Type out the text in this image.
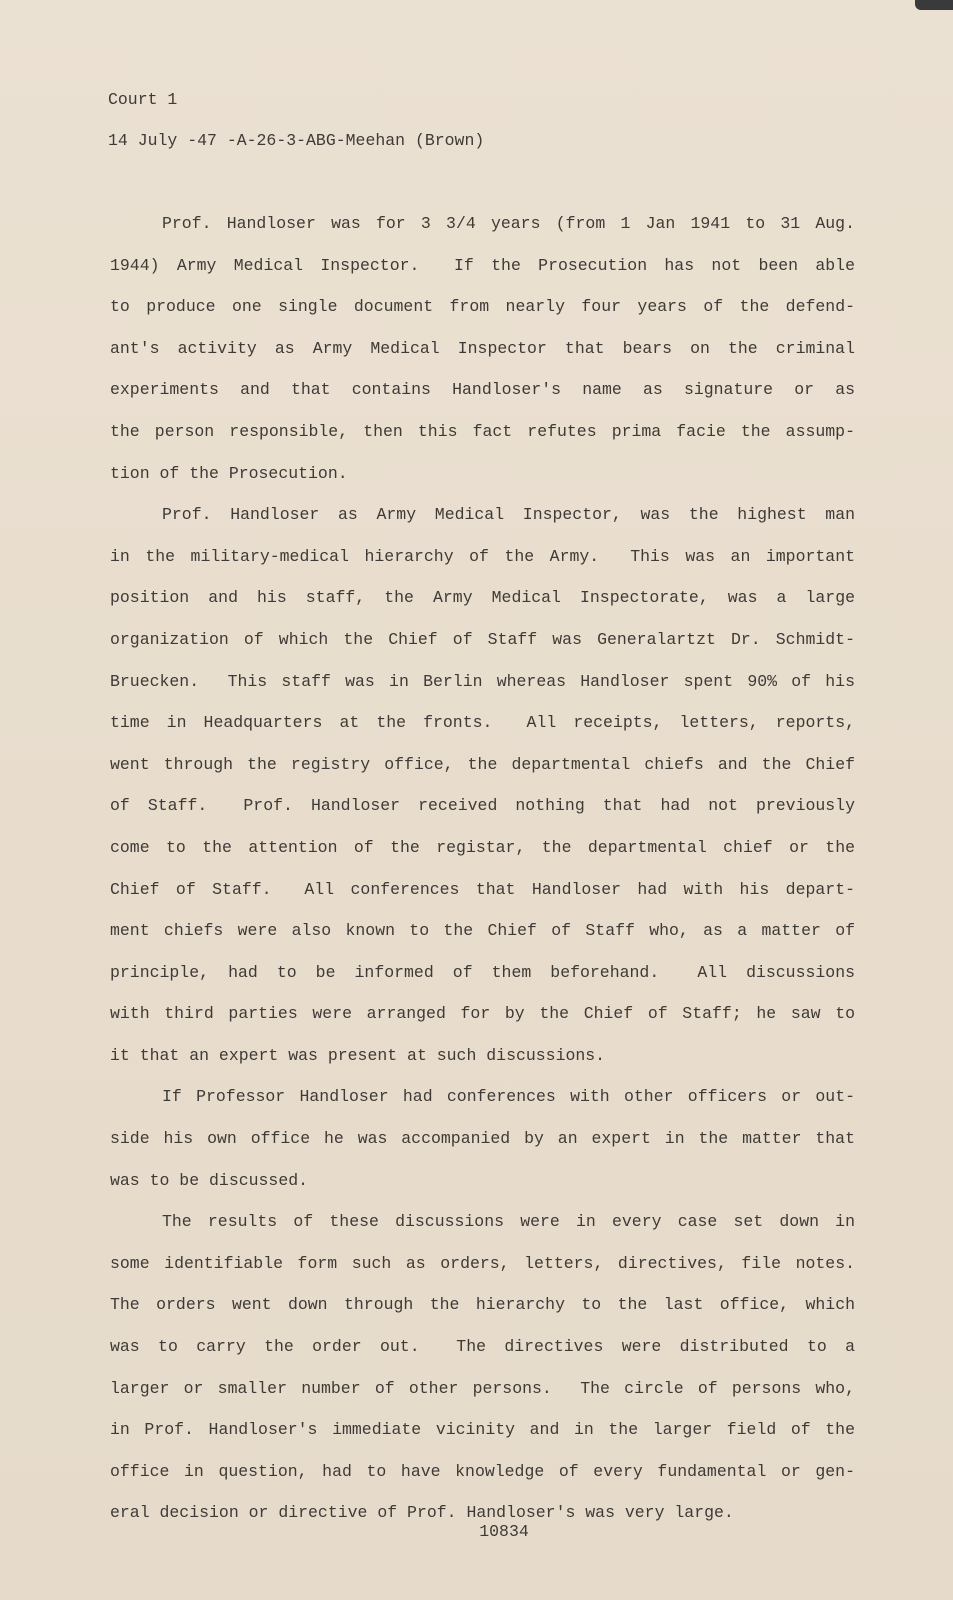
Court 1
14 July -47 -A-26-3-ABG-Meehan (Brown)
Prof. Handloser was for 3 3/4 years (from 1 Jan 1941 to 31 Aug.
1944) Army Medical Inspector.  If the Prosecution has not been able
to produce one single document from nearly four years of the defend-
ant's activity as Army Medical Inspector that bears on the criminal
experiments and that contains Handloser's name as signature or as
the person responsible, then this fact refutes prima facie the assump-
tion of the Prosecution.
Prof. Handloser as Army Medical Inspector, was the highest man
in the military-medical hierarchy of the Army.  This was an important
position and his staff, the Army Medical Inspectorate, was a large
organization of which the Chief of Staff was Generalartzt Dr. Schmidt-
Bruecken.  This staff was in Berlin whereas Handloser spent 90% of his
time in Headquarters at the fronts.  All receipts, letters, reports,
went through the registry office, the departmental chiefs and the Chief
of Staff.  Prof. Handloser received nothing that had not previously
come to the attention of the registar, the departmental chief or the
Chief of Staff.  All conferences that Handloser had with his depart-
ment chiefs were also known to the Chief of Staff who, as a matter of
principle, had to be informed of them beforehand.  All discussions
with third parties were arranged for by the Chief of Staff; he saw to
it that an expert was present at such discussions.
If Professor Handloser had conferences with other officers or out-
side his own office he was accompanied by an expert in the matter that
was to be discussed.
The results of these discussions were in every case set down in
some identifiable form such as orders, letters, directives, file notes.
The orders went down through the hierarchy to the last office, which
was to carry the order out.  The directives were distributed to a
larger or smaller number of other persons.  The circle of persons who,
in Prof. Handloser's immediate vicinity and in the larger field of the
office in question, had to have knowledge of every fundamental or gen-
eral decision or directive of Prof. Handloser's was very large.
10834
